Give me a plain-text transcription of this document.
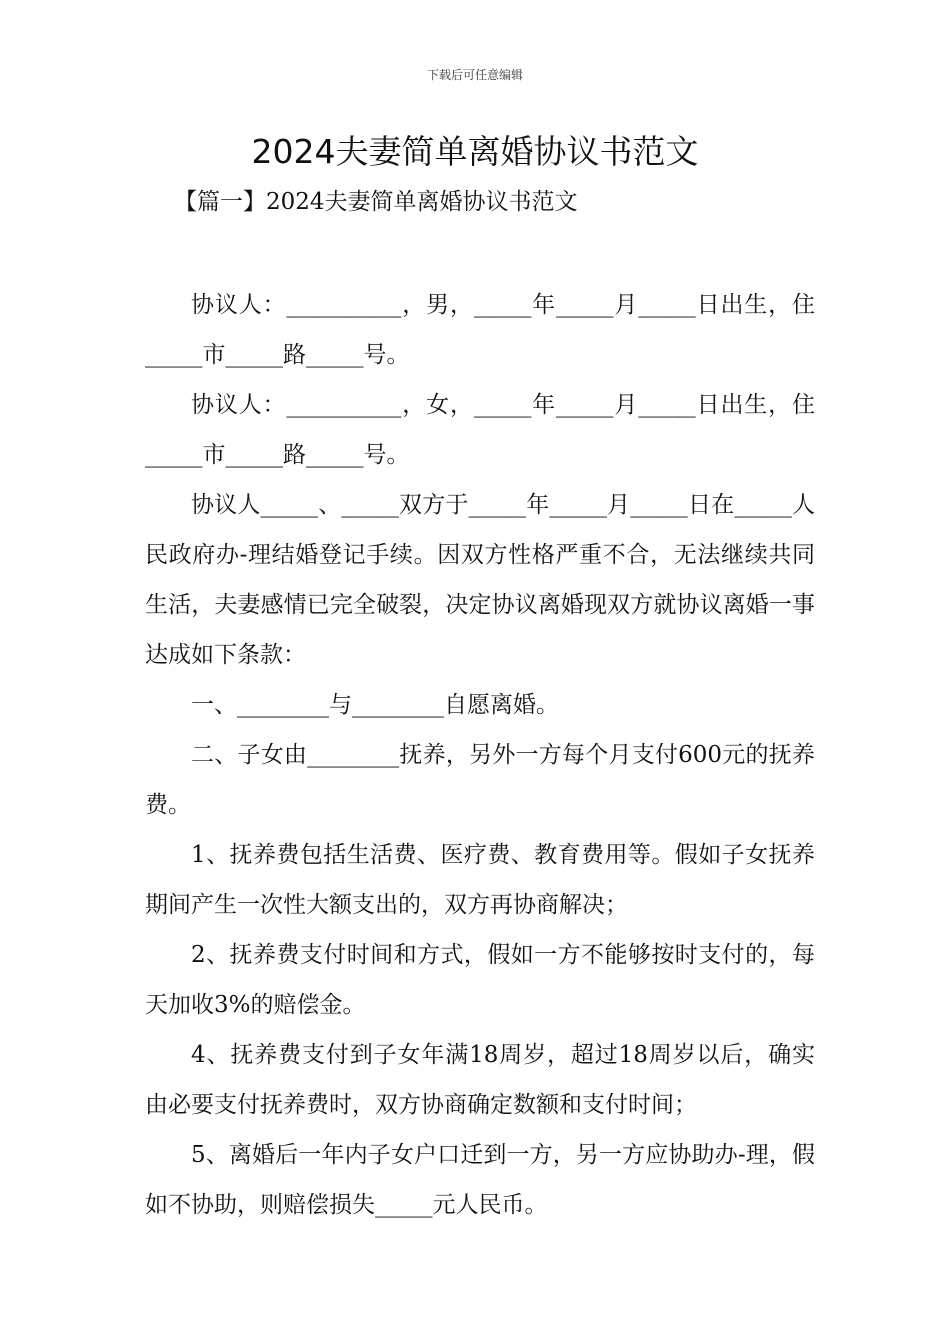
下载后可任意编辑
2024夫妻简单离婚协议书范文
【篇一】2024夫妻简单离婚协议书范文

协议人：__________，男，_____年_____月_____日出生，住_____市_____路_____号。

协议人：__________，女，_____年_____月_____日出生，住_____市_____路_____号。

协议人_____、_____双方于_____年_____月_____日在_____人民政府办-理结婚登记手续。因双方性格严重不合，无法继续共同生活，夫妻感情已完全破裂，决定协议离婚现双方就协议离婚一事达成如下条款：

一、________与________自愿离婚。

二、子女由________抚养，另外一方每个月支付600元的抚养费。

1、抚养费包括生活费、医疗费、教育费用等。假如子女抚养期间产生一次性大额支出的，双方再协商解决；

2、抚养费支付时间和方式，假如一方不能够按时支付的，每天加收3%的赔偿金。

4、抚养费支付到子女年满18周岁，超过18周岁以后，确实由必要支付抚养费时，双方协商确定数额和支付时间；

5、离婚后一年内子女户口迁到一方，另一方应协助办-理，假如不协助，则赔偿损失_____元人民币。
